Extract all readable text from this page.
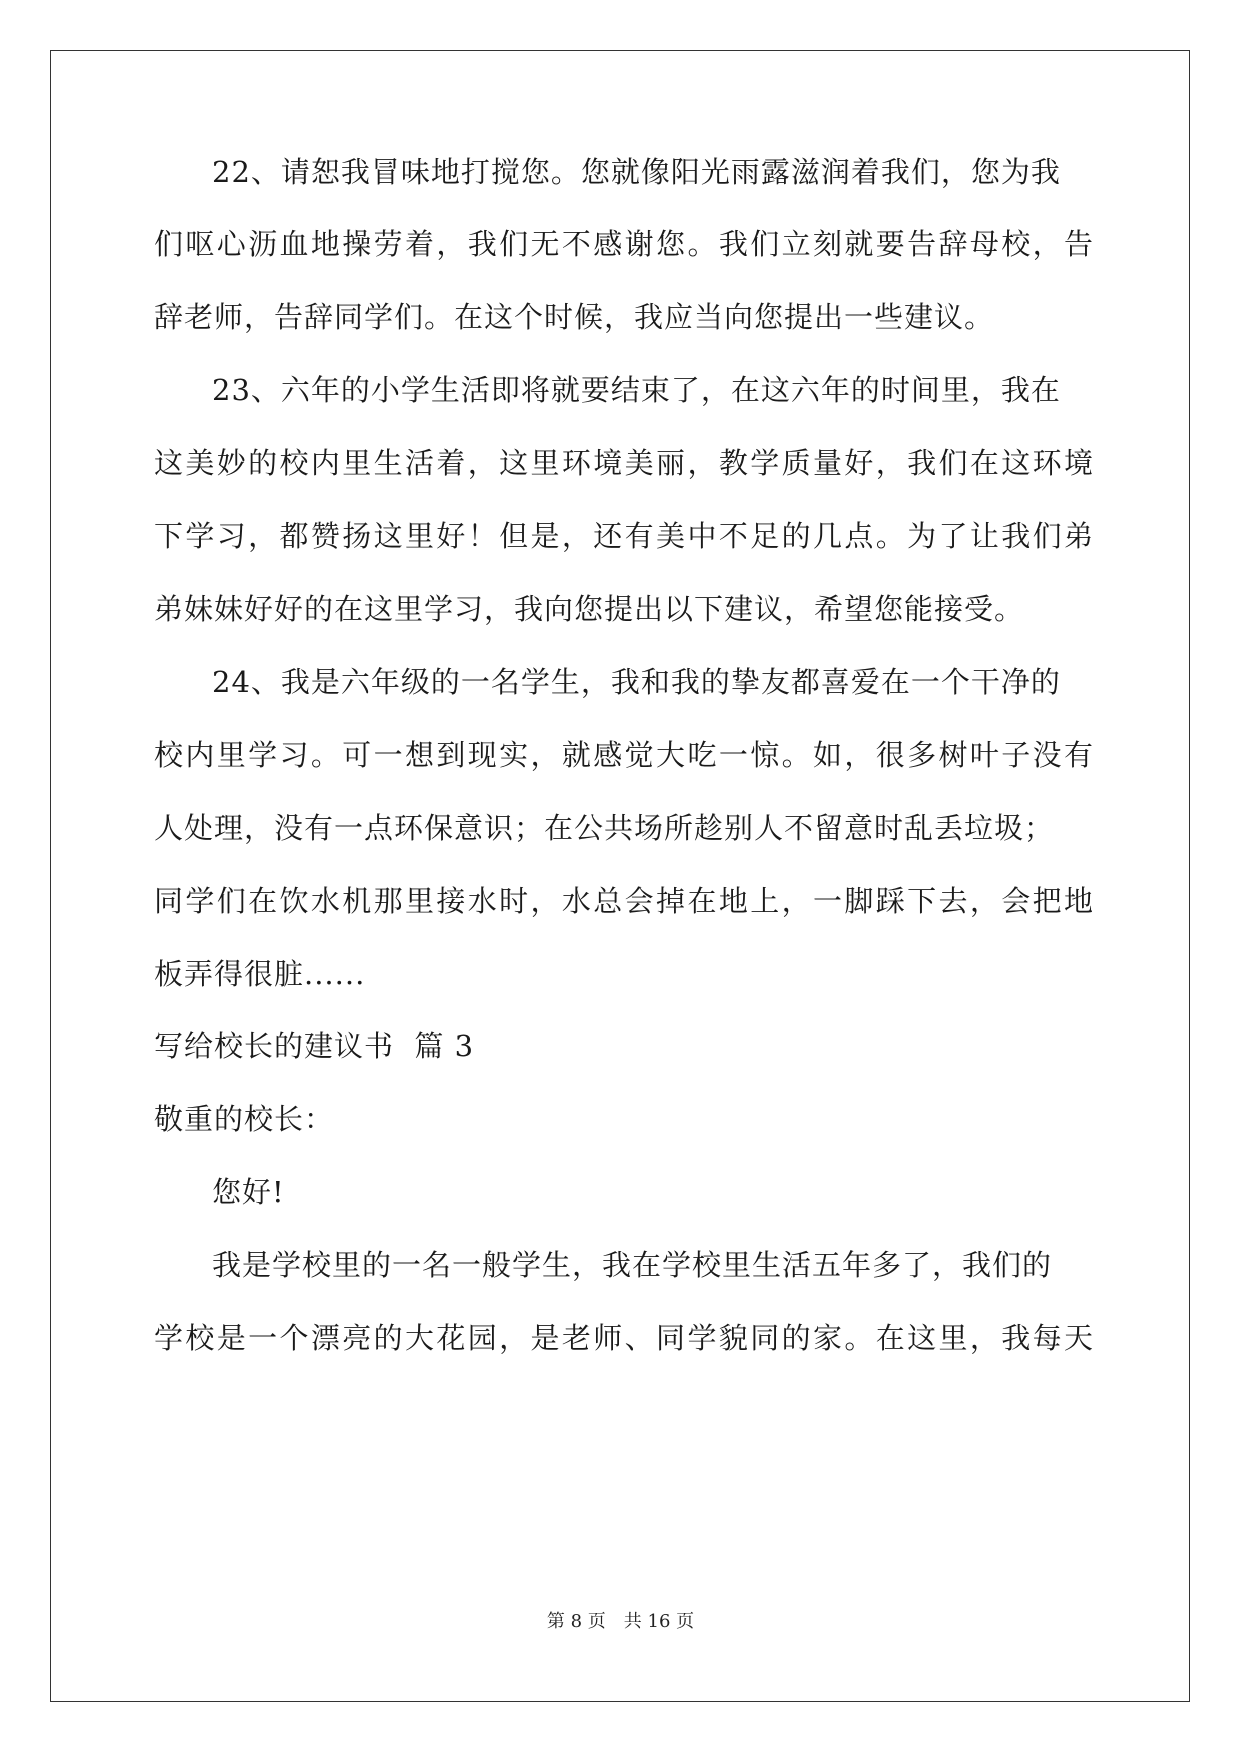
22、请恕我冒味地打搅您。您就像阳光雨露滋润着我们，您为我
们呕心沥血地操劳着，我们无不感谢您。我们立刻就要告辞母校，告
辞老师，告辞同学们。在这个时候，我应当向您提出一些建议。
23、六年的小学生活即将就要结束了，在这六年的时间里，我在
这美妙的校内里生活着，这里环境美丽，教学质量好，我们在这环境
下学习，都赞扬这里好！但是，还有美中不足的几点。为了让我们弟
弟妹妹好好的在这里学习，我向您提出以下建议，希望您能接受。
24、我是六年级的一名学生，我和我的挚友都喜爱在一个干净的
校内里学习。可一想到现实，就感觉大吃一惊。如，很多树叶子没有
人处理，没有一点环保意识；在公共场所趁别人不留意时乱丢垃圾；
同学们在饮水机那里接水时，水总会掉在地上，一脚踩下去，会把地
板弄得很脏......
写给校长的建议书  篇 3
敬重的校长：
您好!
我是学校里的一名一般学生，我在学校里生活五年多了，我们的
学校是一个漂亮的大花园，是老师、同学貌同的家。在这里，我每天
第 8 页 共 16 页
